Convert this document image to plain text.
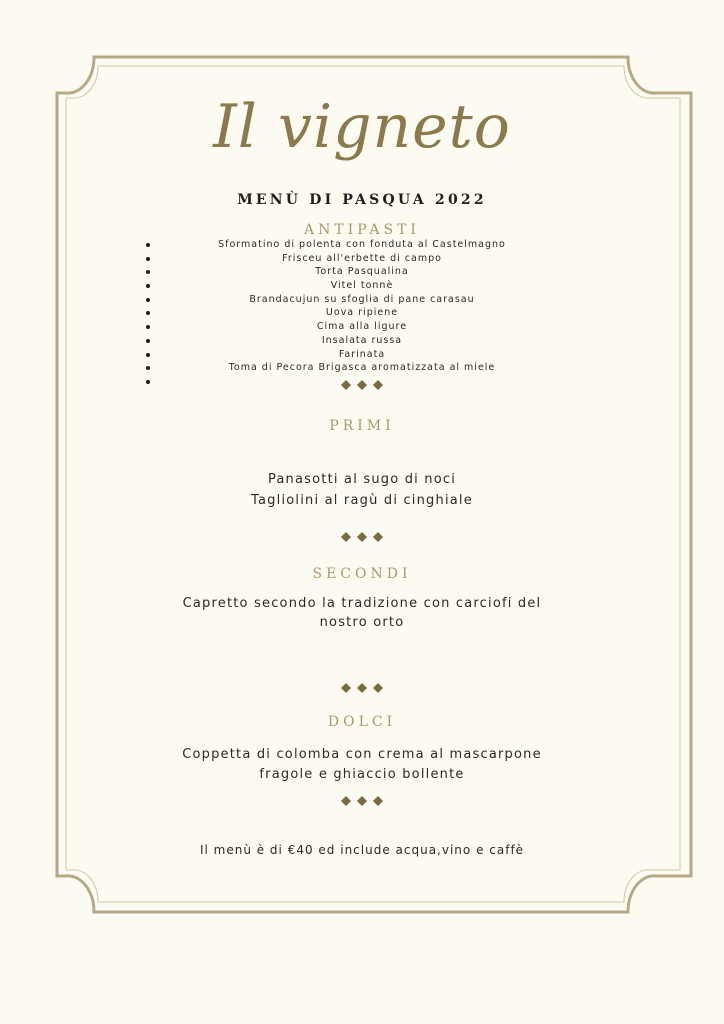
Il vigneto
MENÙ DI PASQUA 2022
ANTIPASTI
Sformatino di polenta con fonduta al Castelmagno
Frisceu all'erbette di campo
Torta Pasqualina
Vitel tonnè
Brandacujun su sfoglia di pane carasau
Uova ripiene
Cima alla ligure
Insalata russa
Farinata
Toma di Pecora Brigasca aromatizzata al miele
PRIMI
Panasotti al sugo di noci
Tagliolini al ragù di cinghiale
SECONDI
Capretto secondo la tradizione con carciofi del
nostro orto
DOLCI
Coppetta di colomba con crema al mascarpone
fragole e ghiaccio bollente
Il menù è di €40 ed include acqua,vino e caffè
